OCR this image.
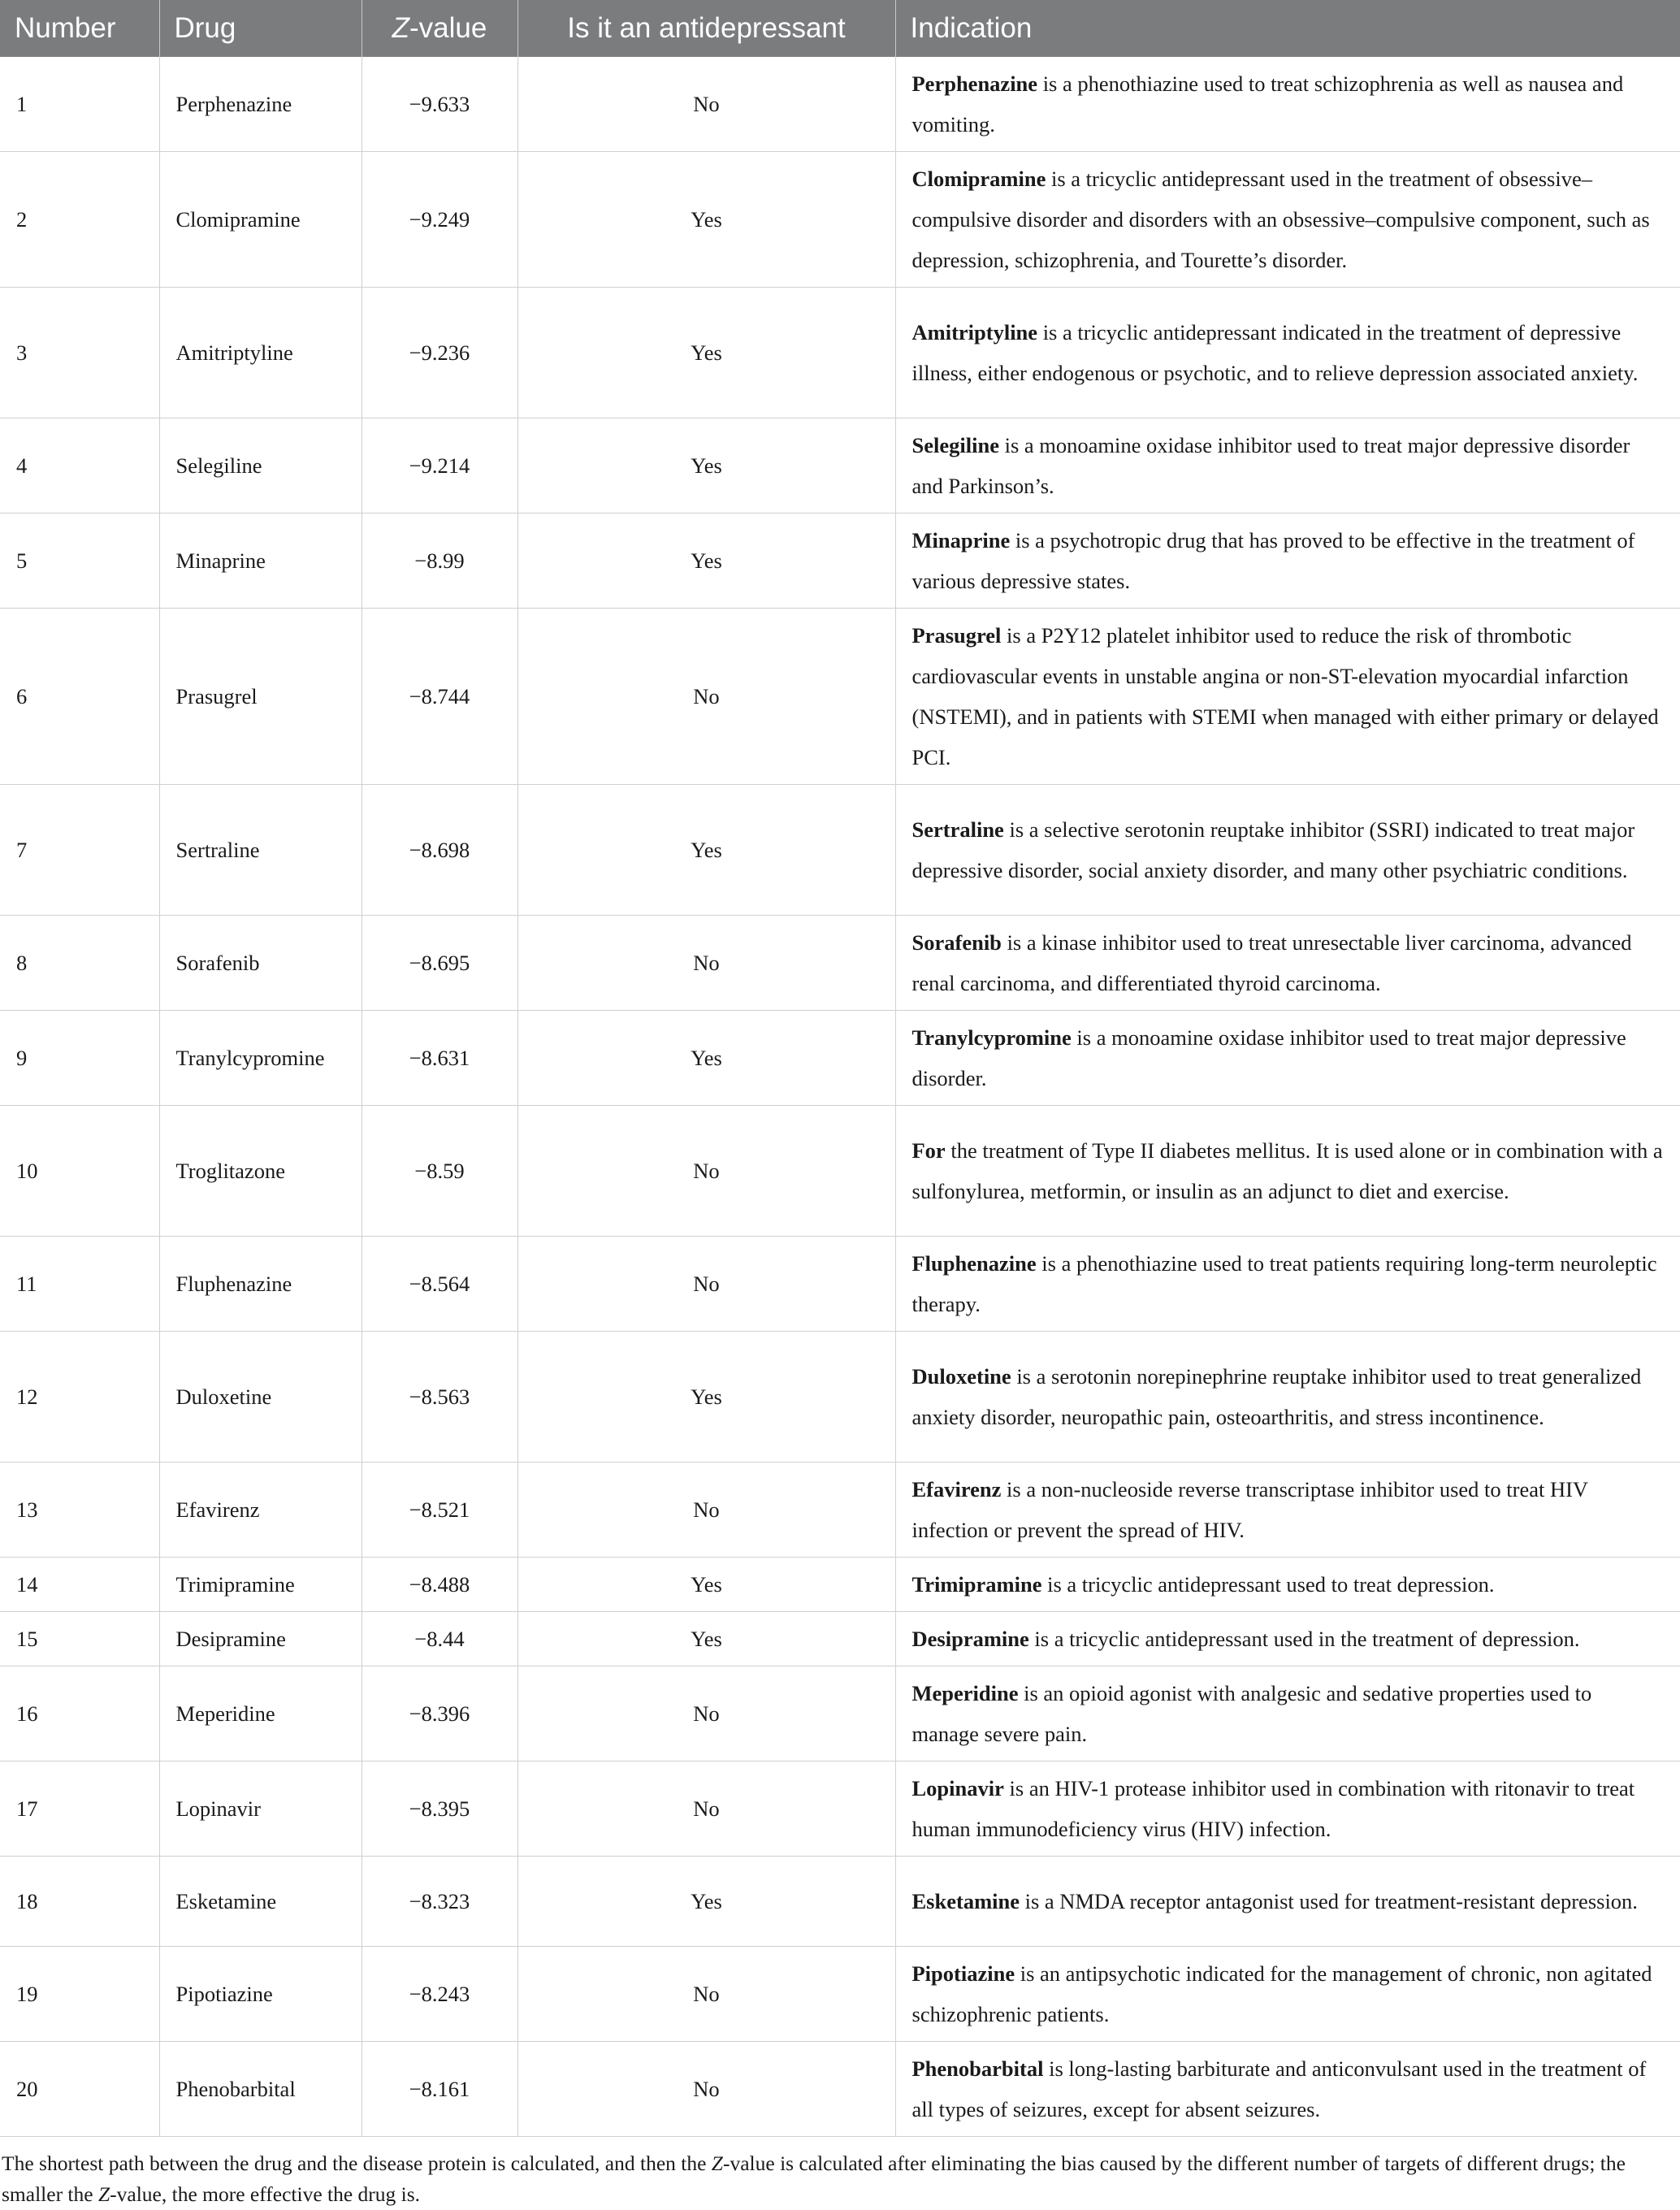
Number	Drug	Z-value	Is it an antidepressant	Indication
1	Perphenazine	−9.633	No	Perphenazine is a phenothiazine used to treat schizophrenia as well as nausea and vomiting.
2	Clomipramine	−9.249	Yes	Clomipramine is a tricyclic antidepressant used in the treatment of obsessive–compulsive disorder and disorders with an obsessive–compulsive component, such as depression, schizophrenia, and Tourette’s disorder.
3	Amitriptyline	−9.236	Yes	Amitriptyline is a tricyclic antidepressant indicated in the treatment of depressive illness, either endogenous or psychotic, and to relieve depression associated anxiety.
4	Selegiline	−9.214	Yes	Selegiline is a monoamine oxidase inhibitor used to treat major depressive disorder and Parkinson’s.
5	Minaprine	−8.99	Yes	Minaprine is a psychotropic drug that has proved to be effective in the treatment of various depressive states.
6	Prasugrel	−8.744	No	Prasugrel is a P2Y12 platelet inhibitor used to reduce the risk of thrombotic cardiovascular events in unstable angina or non-ST-elevation myocardial infarction (NSTEMI), and in patients with STEMI when managed with either primary or delayed PCI.
7	Sertraline	−8.698	Yes	Sertraline is a selective serotonin reuptake inhibitor (SSRI) indicated to treat major depressive disorder, social anxiety disorder, and many other psychiatric conditions.
8	Sorafenib	−8.695	No	Sorafenib is a kinase inhibitor used to treat unresectable liver carcinoma, advanced renal carcinoma, and differentiated thyroid carcinoma.
9	Tranylcypromine	−8.631	Yes	Tranylcypromine is a monoamine oxidase inhibitor used to treat major depressive disorder.
10	Troglitazone	−8.59	No	For the treatment of Type II diabetes mellitus. It is used alone or in combination with a sulfonylurea, metformin, or insulin as an adjunct to diet and exercise.
11	Fluphenazine	−8.564	No	Fluphenazine is a phenothiazine used to treat patients requiring long-term neuroleptic therapy.
12	Duloxetine	−8.563	Yes	Duloxetine is a serotonin norepinephrine reuptake inhibitor used to treat generalized anxiety disorder, neuropathic pain, osteoarthritis, and stress incontinence.
13	Efavirenz	−8.521	No	Efavirenz is a non-nucleoside reverse transcriptase inhibitor used to treat HIV infection or prevent the spread of HIV.
14	Trimipramine	−8.488	Yes	Trimipramine is a tricyclic antidepressant used to treat depression.
15	Desipramine	−8.44	Yes	Desipramine is a tricyclic antidepressant used in the treatment of depression.
16	Meperidine	−8.396	No	Meperidine is an opioid agonist with analgesic and sedative properties used to manage severe pain.
17	Lopinavir	−8.395	No	Lopinavir is an HIV-1 protease inhibitor used in combination with ritonavir to treat human immunodeficiency virus (HIV) infection.
18	Esketamine	−8.323	Yes	Esketamine is a NMDA receptor antagonist used for treatment-resistant depression.
19	Pipotiazine	−8.243	No	Pipotiazine is an antipsychotic indicated for the management of chronic, non agitated schizophrenic patients.
20	Phenobarbital	−8.161	No	Phenobarbital is long-lasting barbiturate and anticonvulsant used in the treatment of all types of seizures, except for absent seizures.
The shortest path between the drug and the disease protein is calculated, and then the Z-value is calculated after eliminating the bias caused by the different number of targets of different drugs; the smaller the Z-value, the more effective the drug is.
